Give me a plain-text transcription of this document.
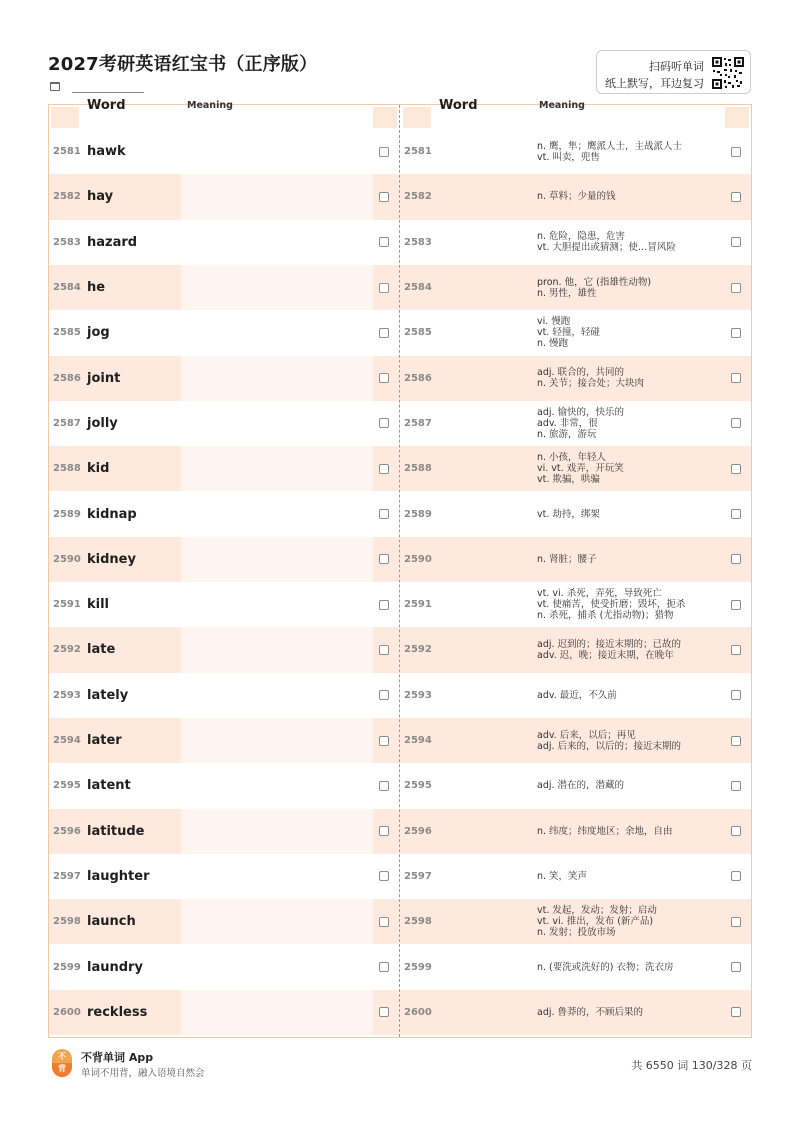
2027考研英语红宝书（正序版）	扫码听单词
纸上默写，耳边复习
Word	Meaning
2581 hawk
2582 hay
2583 hazard
2584 he
2585 jog
2586 joint
2587 jolly
2588 kid
2589 kidnap
2590 kidney
2591 kill
2592 late
2593 lately
2594 later
2595 latent
2596 latitude
2597 laughter
2598 launch
2599 laundry
2600 reckless
Word	Meaning
2581	n. 鹰，隼；鹰派人士，主战派人士
vt. 叫卖，兜售
2582	n. 草料；少量的钱
2583	n. 危险，隐患，危害
vt. 大胆提出或猜测；使…冒风险
2584	pron. 他，它 (指雄性动物)
n. 男性，雄性
2585
vi. 慢跑
vt. 轻撞，轻碰
n. 慢跑
2586	adj. 联合的，共同的
n. 关节；接合处；大块肉
2587
adj. 愉快的，快乐的
adv. 非常，很
n. 旅游，游玩
2588
n. 小孩，年轻人
vi. vt. 戏弄，开玩笑
vt. 欺骗，哄骗
2589	vt. 劫持，绑架
2590	n. 肾脏；腰子
2591
vt. vi. 杀死，弄死，导致死亡
vt. 使痛苦，使受折磨；毁坏，扼杀
n. 杀死，捕杀 (尤指动物)；猎物
2592	adj. 迟到的；接近末期的；已故的
adv. 迟，晚；接近末期，在晚年
2593	adv. 最近，不久前
2594	adv. 后来，以后；再见
adj. 后来的，以后的；接近末期的
2595	adj. 潜在的，潜藏的
2596	n. 纬度；纬度地区；余地，自由
2597	n. 笑，笑声
2598
vt. 发起，发动；发射；启动
vt. vi. 推出，发布 (新产品)
n. 发射；投放市场
2599	n. (要洗或洗好的) 衣物；洗衣房
2600	adj. 鲁莽的，不顾后果的
不
背
不背单词 App
单词不用背，融入语境自然会
共 6550 词 130/328 页
